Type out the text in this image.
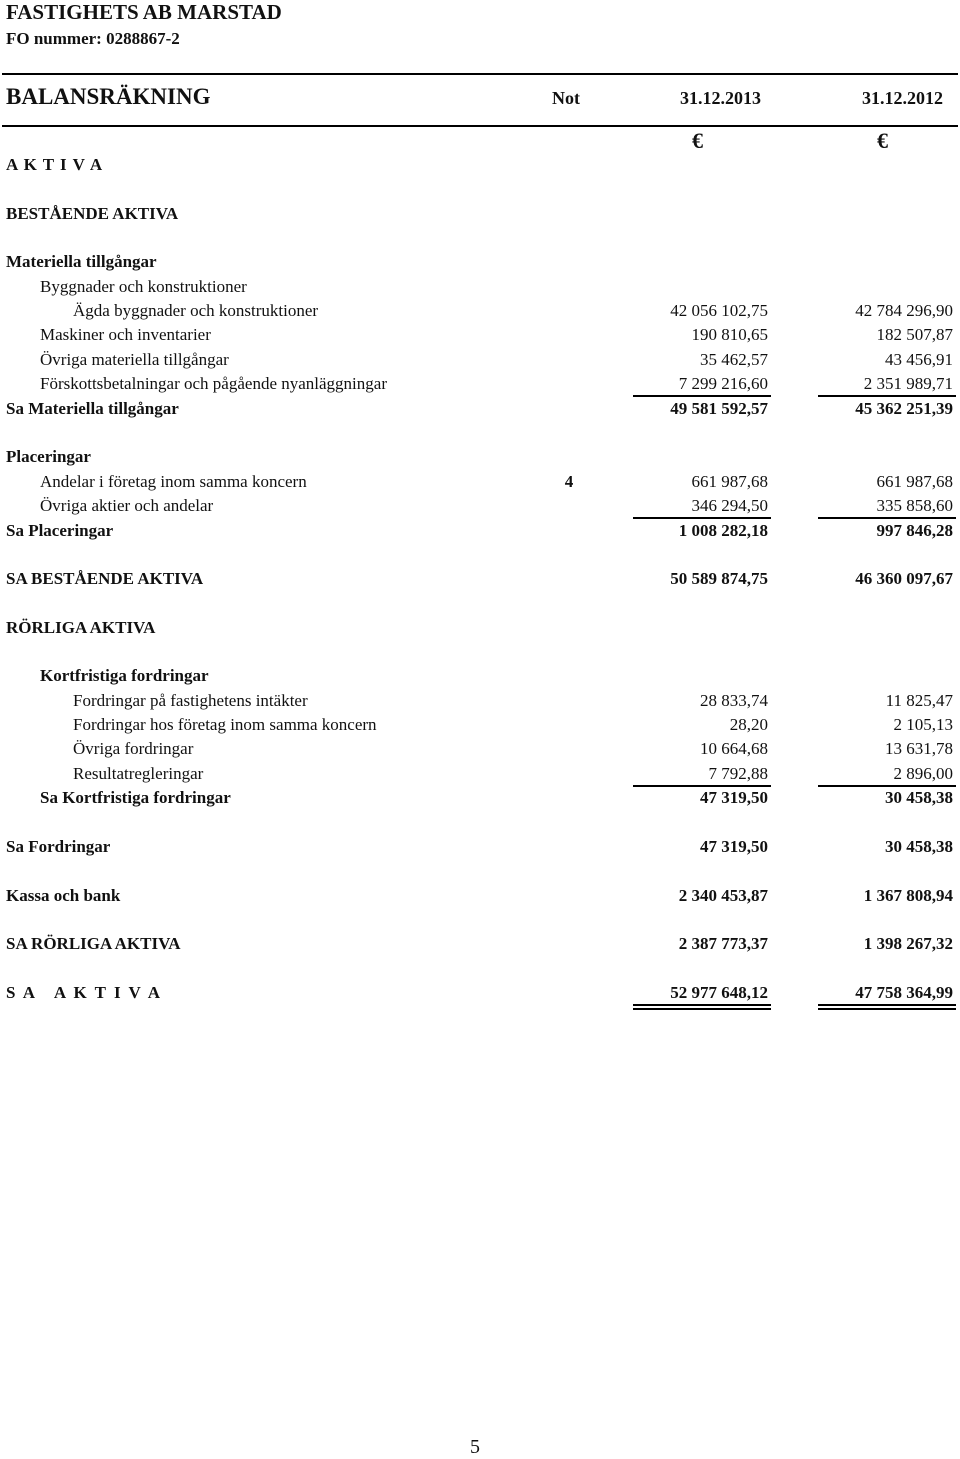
FASTIGHETS AB MARSTAD
FO nummer: 0288867-2
BALANSRÄKNING	Not	31.12.2013	31.12.2012
€	€
A K T I V A
BESTÅENDE AKTIVA
Materiella tillgångar
Byggnader och konstruktioner
Ägda byggnader och konstruktioner	42 056 102,75	42 784 296,90
Maskiner och inventarier	190 810,65	182 507,87
Övriga materiella tillgångar	35 462,57	43 456,91
Förskottsbetalningar och pågående nyanläggningar	7 299 216,60	2 351 989,71
Sa Materiella tillgångar	49 581 592,57	45 362 251,39
Placeringar
Andelar i företag inom samma koncern	4	661 987,68	661 987,68
Övriga aktier och andelar	346 294,50	335 858,60
Sa Placeringar	1 008 282,18	997 846,28
SA BESTÅENDE AKTIVA	50 589 874,75	46 360 097,67
RÖRLIGA AKTIVA
Kortfristiga fordringar
Fordringar på fastighetens intäkter	28 833,74	11 825,47
Fordringar hos företag inom samma koncern	28,20	2 105,13
Övriga fordringar	10 664,68	13 631,78
Resultatregleringar	7 792,88	2 896,00
Sa Kortfristiga fordringar	47 319,50	30 458,38
Sa Fordringar	47 319,50	30 458,38
Kassa och bank	2 340 453,87	1 367 808,94
SA RÖRLIGA AKTIVA	2 387 773,37	1 398 267,32
S A   A K T I V A	52 977 648,12	47 758 364,99
5
